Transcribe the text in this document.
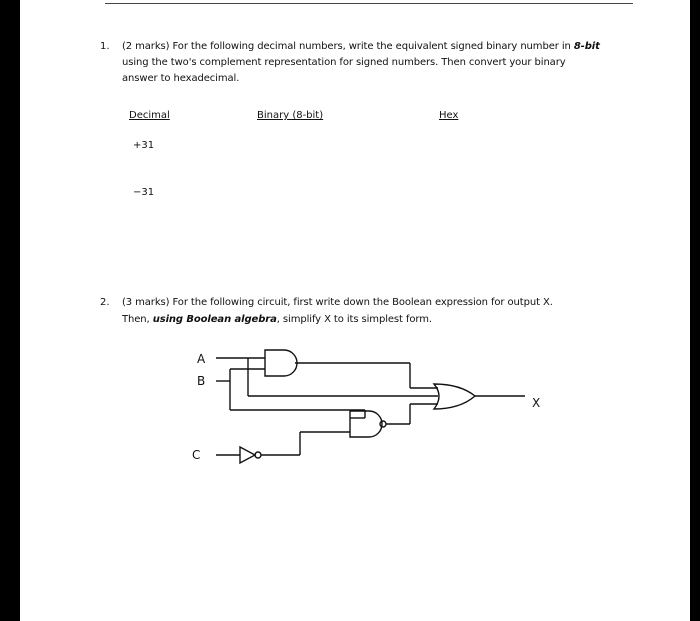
1. (2 marks) For the following decimal numbers, write the equivalent signed binary number in 8-bit
using the two's complement representation for signed numbers. Then convert your binary
answer to hexadecimal.
Decimal	Binary (8-bit)	Hex
+31
−31
2. (3 marks) For the following circuit, first write down the Boolean expression for output X.
Then, using Boolean algebra, simplify X to its simplest form.
A
B
C
X
